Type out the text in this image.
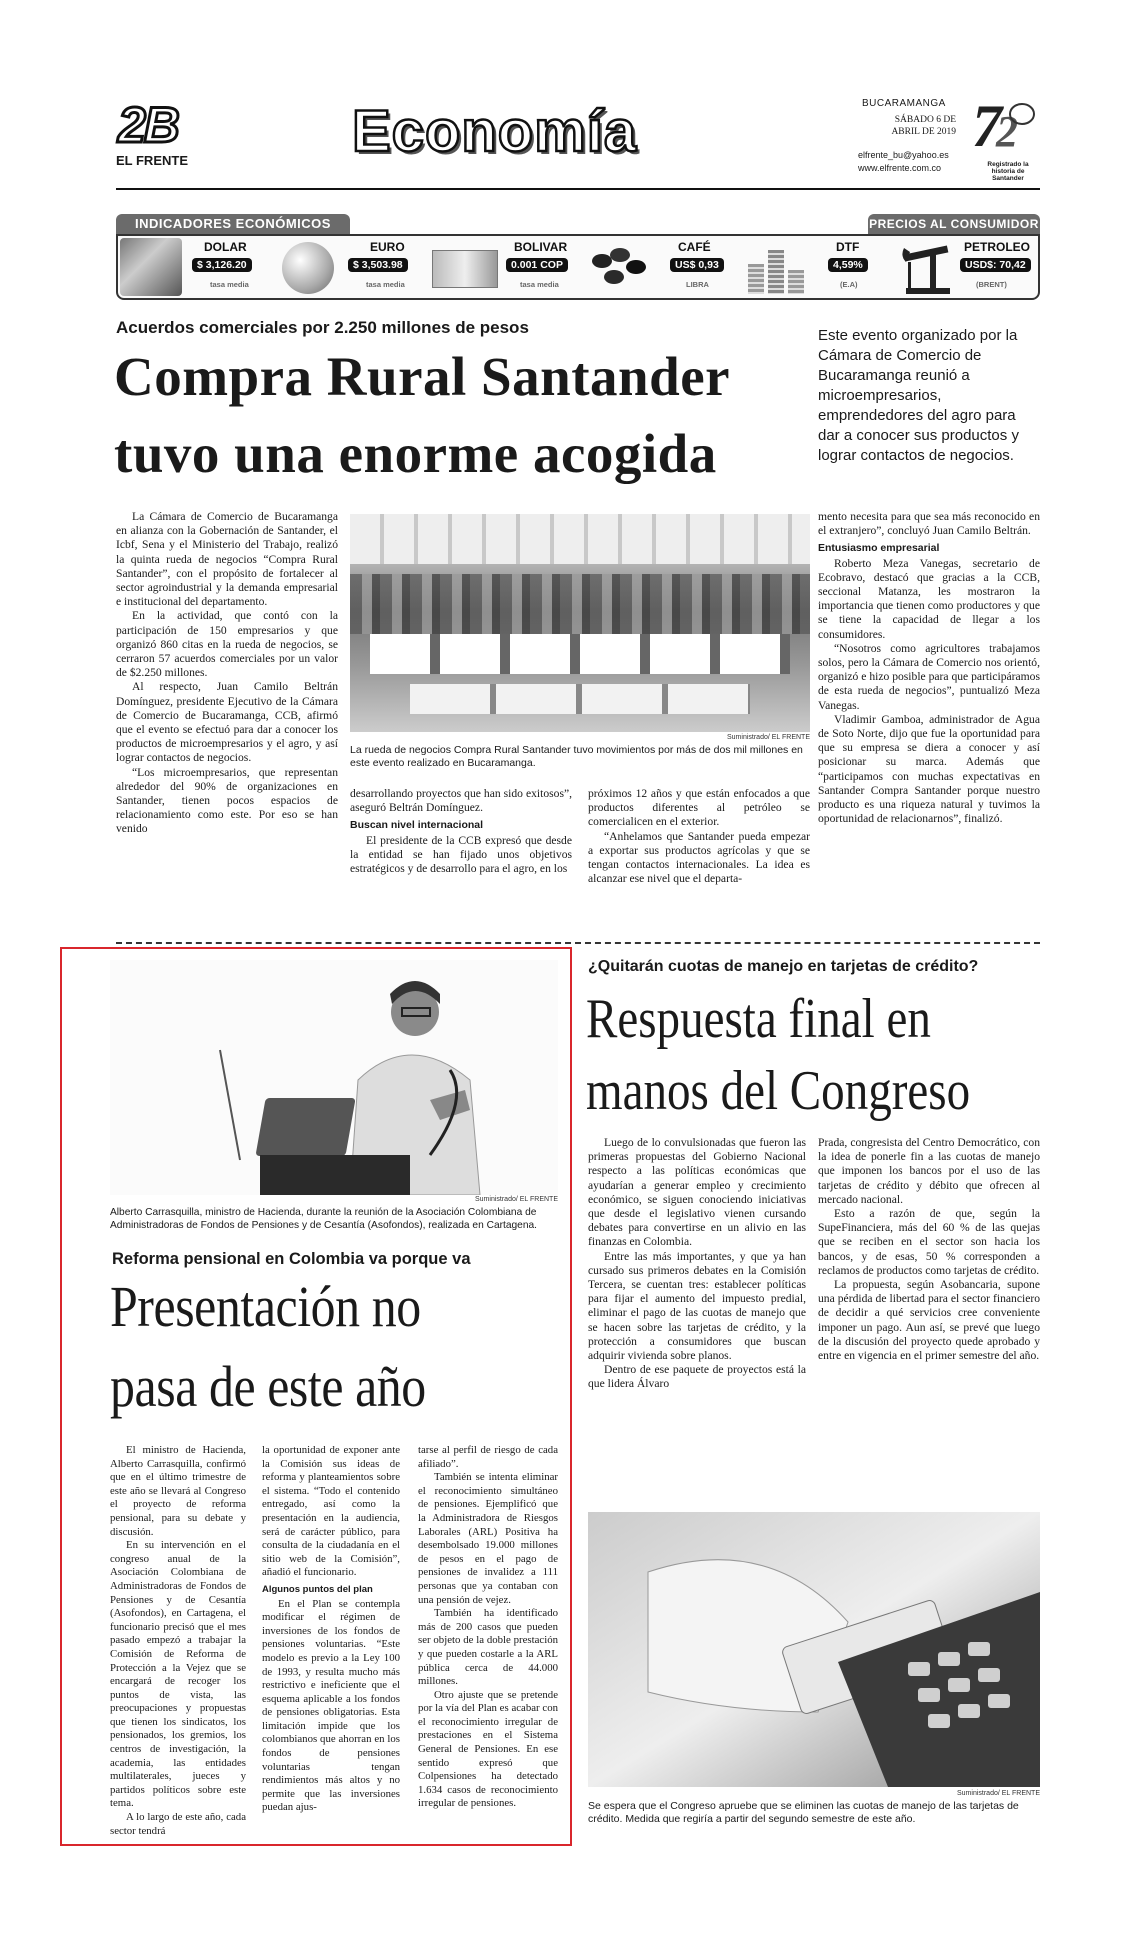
2B
EL FRENTE	Economía	BUCARAMANGA
SÁBADO 6 DE ABRIL DE 2019
elfrente_bu@yahoo.es
www.elfrente.com.co
7
2
Registrado la historia de Santander
INDICADORES ECONÓMICOS	PRECIOS AL CONSUMIDOR
DOLAR
$ 3,126.20
tasa media
EURO
$ 3,503.98
tasa media
BOLIVAR
0.001 COP
tasa media
CAFÉ
US$ 0,93
LIBRA
DTF
4,59%
(E.A)
PETROLEO
USD$: 70,42
(BRENT)
Acuerdos comerciales por 2.250 millones de pesos
Compra Rural Santander
tuvo una enorme acogida
Este evento organizado por la Cámara de Comercio de Bucaramanga reunió a microempresarios, emprendedores del agro para dar a conocer sus productos y lograr contactos de negocios.

La Cámara de Comercio de Bucaramanga en alianza con la Gobernación de Santander, el Icbf, Sena y el Ministerio del Trabajo, realizó la quinta rueda de negocios “Compra Rural Santander”, con el propósito de fortalecer al sector agroindustrial y la demanda empresarial e institucional del departamento.

En la actividad, que contó con la participación de 150 empresarios y que organizó 860 citas en la rueda de negocios, se cerraron 57 acuerdos comerciales por un valor de $2.250 millones.

Al respecto, Juan Camilo Beltrán Domínguez, presidente Ejecutivo de la Cámara de Comercio de Bucaramanga, CCB, afirmó que el evento se efectuó para dar a conocer los productos de microempresarios y el agro, y así lograr contactos de negocios.

“Los microempresarios, que representan alrededor del 90% de organizaciones en Santander, tienen pocos espacios de relacionamiento como este. Por eso se han venido

Suministrado/ EL FRENTE
La rueda de negocios Compra Rural Santander tuvo movimientos por más de dos mil millones en este evento realizado en Bucaramanga.

desarrollando proyectos que han sido exitosos”, aseguró Beltrán Domínguez.

Buscan nivel internacional

El presidente de la CCB expresó que desde la entidad se han fijado unos objetivos estratégicos y de desarrollo para el agro, en los

próximos 12 años y que están enfocados a que productos diferentes al petróleo se comercialicen en el exterior.

“Anhelamos que Santander pueda empezar a exportar sus productos agrícolas y que se tengan contactos internacionales. La idea es alcanzar ese nivel que el departa-

mento necesita para que sea más reconocido en el extranjero”, concluyó Juan Camilo Beltrán.

Entusiasmo empresarial

Roberto Meza Vanegas, secretario de Ecobravo, destacó que gracias a la CCB, seccional Matanza, les mostraron la importancia que tienen como productores y que se tiene la capacidad de llegar a los consumidores.

“Nosotros como agricultores trabajamos solos, pero la Cámara de Comercio nos orientó, organizó e hizo posible para que participáramos de esta rueda de negocios”, puntualizó Meza Vanegas.

Vladimir Gamboa, administrador de Agua de Soto Norte, dijo que fue la oportunidad para que su empresa se diera a conocer y así posicionar su marca. Además que “participamos con muchas expectativas en Santander Compra Santander porque nuestro producto es una riqueza natural y tuvimos la oportunidad de relacionarnos”, finalizó.

Suministrado/ EL FRENTE
Alberto Carrasquilla, ministro de Hacienda, durante la reunión de la Asociación Colombiana de Administradoras de Fondos de Pensiones y de Cesantía (Asofondos), realizada en Cartagena.
Reforma pensional en Colombia va porque va
Presentación no
pasa de este año

El ministro de Hacienda, Alberto Carrasquilla, confirmó que en el último trimestre de este año se llevará al Congreso el proyecto de reforma pensional, para su debate y discusión.

En su intervención en el congreso anual de la Asociación Colombiana de Administradoras de Fondos de Pensiones y de Cesantía (Asofondos), en Cartagena, el funcionario precisó que el mes pasado empezó a trabajar la Comisión de Reforma de Protección a la Vejez que se encargará de recoger los puntos de vista, las preocupaciones y propuestas que tienen los sindicatos, los pensionados, los gremios, los centros de investigación, la academia, las entidades multilaterales, jueces y partidos políticos sobre este tema.

A lo largo de este año, cada sector tendrá

la oportunidad de exponer ante la Comisión sus ideas de reforma y planteamientos sobre el sistema. “Todo el contenido entregado, así como la presentación en la audiencia, será de carácter público, para consulta de la ciudadanía en el sitio web de la Comisión”, añadió el funcionario.

Algunos puntos del plan

En el Plan se contempla modificar el régimen de inversiones de los fondos de pensiones voluntarias. “Este modelo es previo a la Ley 100 de 1993, y resulta mucho más restrictivo e ineficiente que el esquema aplicable a los fondos de pensiones obligatorias. Esta limitación impide que los colombianos que ahorran en los fondos de pensiones voluntarias tengan rendimientos más altos y no permite que las inversiones puedan ajus-

tarse al perfil de riesgo de cada afiliado”.

También se intenta eliminar el reconocimiento simultáneo de pensiones. Ejemplificó que la Administradora de Riesgos Laborales (ARL) Positiva ha desembolsado 19.000 millones de pesos en el pago de pensiones de invalidez a 111 personas que ya contaban con una pensión de vejez.

También ha identificado más de 200 casos que pueden ser objeto de la doble prestación y que pueden costarle a la ARL pública cerca de 44.000 millones.

Otro ajuste que se pretende por la vía del Plan es acabar con el reconocimiento irregular de prestaciones en el Sistema General de Pensiones. En ese sentido expresó que Colpensiones ha detectado 1.634 casos de reconocimiento irregular de pensiones.

¿Quitarán cuotas de manejo en tarjetas de crédito?
Respuesta final en
manos del Congreso

Luego de lo convulsionadas que fueron las primeras propuestas del Gobierno Nacional respecto a las políticas económicas que ayudarían a generar empleo y crecimiento económico, se siguen conociendo iniciativas que desde el legislativo vienen cursando debates para convertirse en un alivio en las finanzas en Colombia.

Entre las más importantes, y que ya han cursado sus primeros debates en la Comisión Tercera, se cuentan tres: establecer políticas para fijar el aumento del impuesto predial, eliminar el pago de las cuotas de manejo que se hacen sobre las tarjetas de crédito, y la protección a consumidores que buscan adquirir vivienda sobre planos.

Dentro de ese paquete de proyectos está la que lidera Álvaro

Prada, congresista del Centro Democrático, con la idea de ponerle fin a las cuotas de manejo que imponen los bancos por el uso de las tarjetas de crédito y débito que ofrecen al mercado nacional.

Esto a razón de que, según la SupeFinanciera, más del 60 % de las quejas que se reciben en el sector son hacia los bancos, y de esas, 50 % corresponden a reclamos de productos como tarjetas de crédito.

La propuesta, según Asobancaria, supone una pérdida de libertad para el sector financiero de decidir a qué servicios cree conveniente imponer un pago. Aun así, se prevé que luego de la discusión del proyecto quede aprobado y entre en vigencia en el primer semestre del año.

Suministrado/ EL FRENTE
Se espera que el Congreso apruebe que se eliminen las cuotas de manejo de las tarjetas de crédito. Medida que regiría a partir del segundo semestre de este año.
